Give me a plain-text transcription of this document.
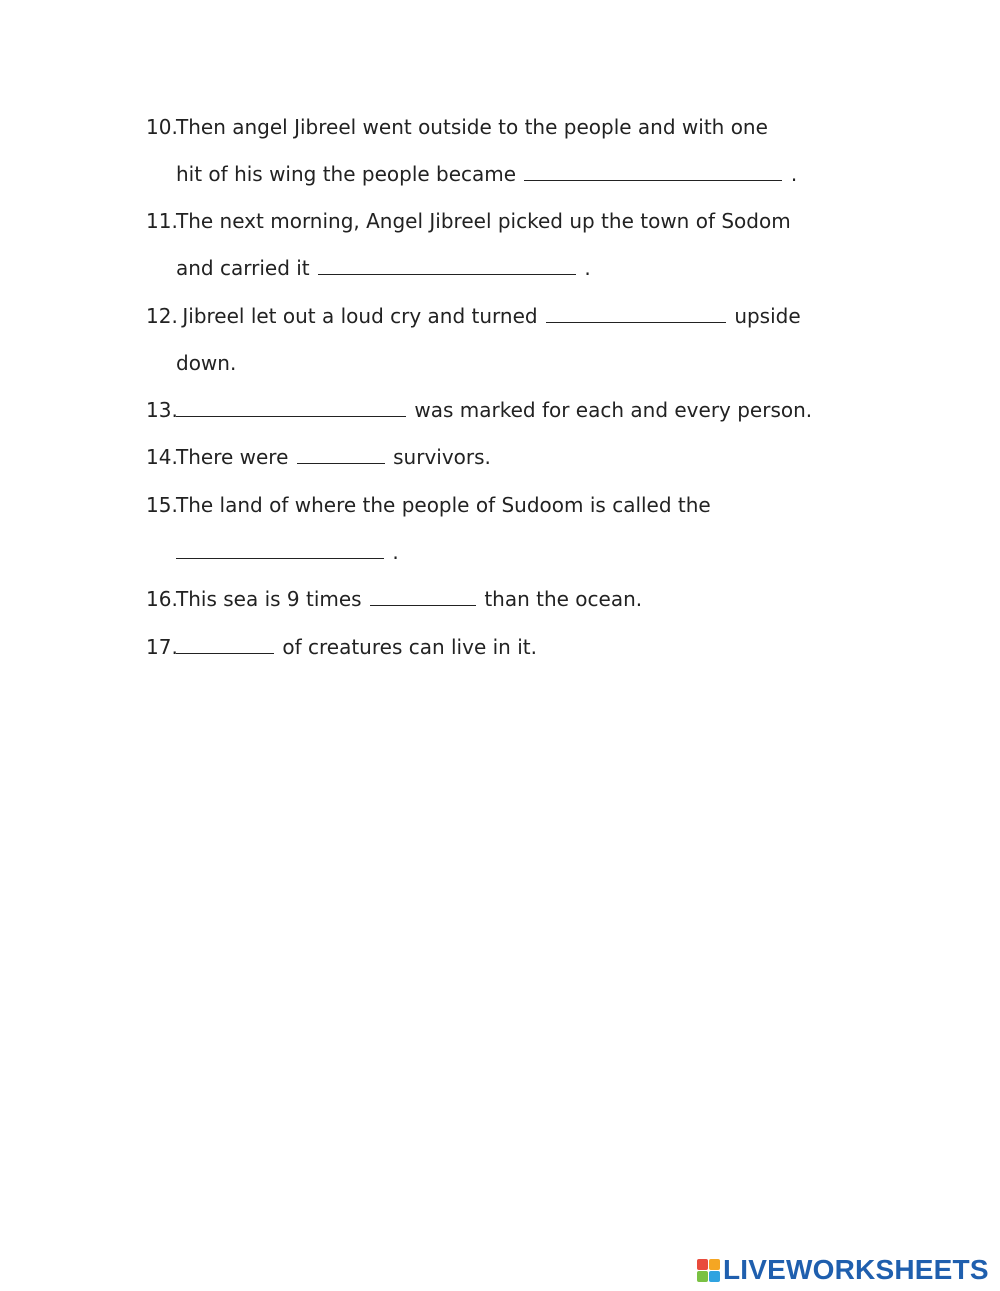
10.Then angel Jibreel went outside to the people and with one
hit of his wing the people became	.
11.The next morning, Angel Jibreel picked up the town of Sodom
and carried it	.
12. Jibreel let out a loud cry and turned	upside
down.
13.	was marked for each and every person.
14.There were	survivors.
15.The land of where the people of Sudoom is called the
.
16.This sea is 9 times	than the ocean.
17.	of creatures can live in it.
LIVEWORKSHEETS
